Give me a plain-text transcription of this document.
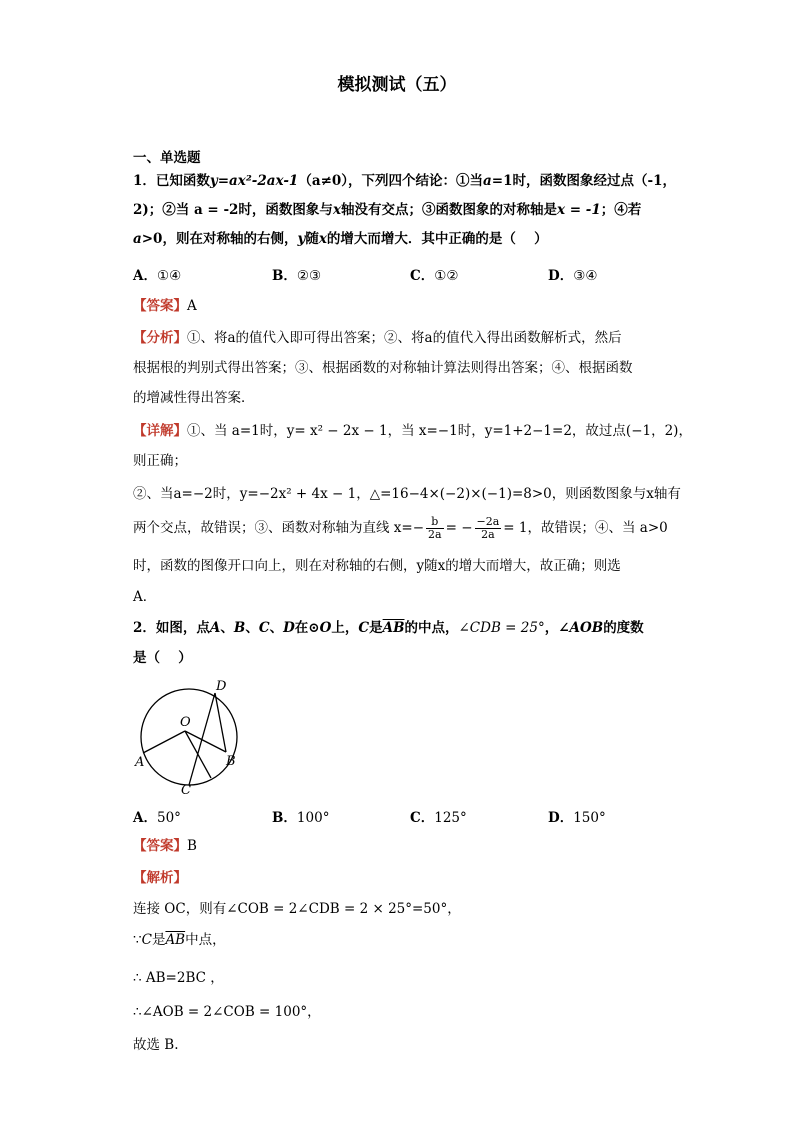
模拟测试（五）
一、单选题
1．已知函数y=ax²-2ax-1（a≠0），下列四个结论：①当a=1时，函数图象经过点（-1，
2)；②当 a = -2时，函数图象与x轴没有交点；③函数图象的对称轴是x = -1；④若
a>0，则在对称轴的右侧，y随x的增大而增大．其中正确的是（　 ）
A．①④	B．②③	C．①②	D．③④
【答案】A
【分析】①、将a的值代入即可得出答案；②、将a的值代入得出函数解析式，然后
根据根的判别式得出答案；③、根据函数的对称轴计算法则得出答案；④、根据函数
的增减性得出答案．
【详解】①、当 a=1时，y= x² − 2x − 1，当 x=−1时，y=1+2−1=2，故过点(−1，2)，
则正确；
②、当a=−2时，y=−2x² + 4x − 1，△=16−4×(−2)×(−1)=8>0，则函数图象与x轴有
两个交点，故错误；③、函数对称轴为直线 $x=- \frac{b}{2a}$ = − $\frac{-2a}{2a} = 1$，故错误；④、当 a>0
时，函数的图像开口向上，则在对称轴的右侧，y随x的增大而增大，故正确；则选
A．
2．如图，点A、B、C、D在⊙O上，C是$\overline{AB}$的中点，∠CDB = 25°，∠AOB的度数
是（　 ）
D
O
A	B
C
A．50°	B．100°	C．125°	D．150°
【答案】B
【解析】
连接 OC，则有∠COB = 2∠CDB = 2 × 25°=50°，
∵C是$\overline{AB}$中点，
∴ AB=2BC ，
∴∠AOB = 2∠COB = 100°，
故选 B.
